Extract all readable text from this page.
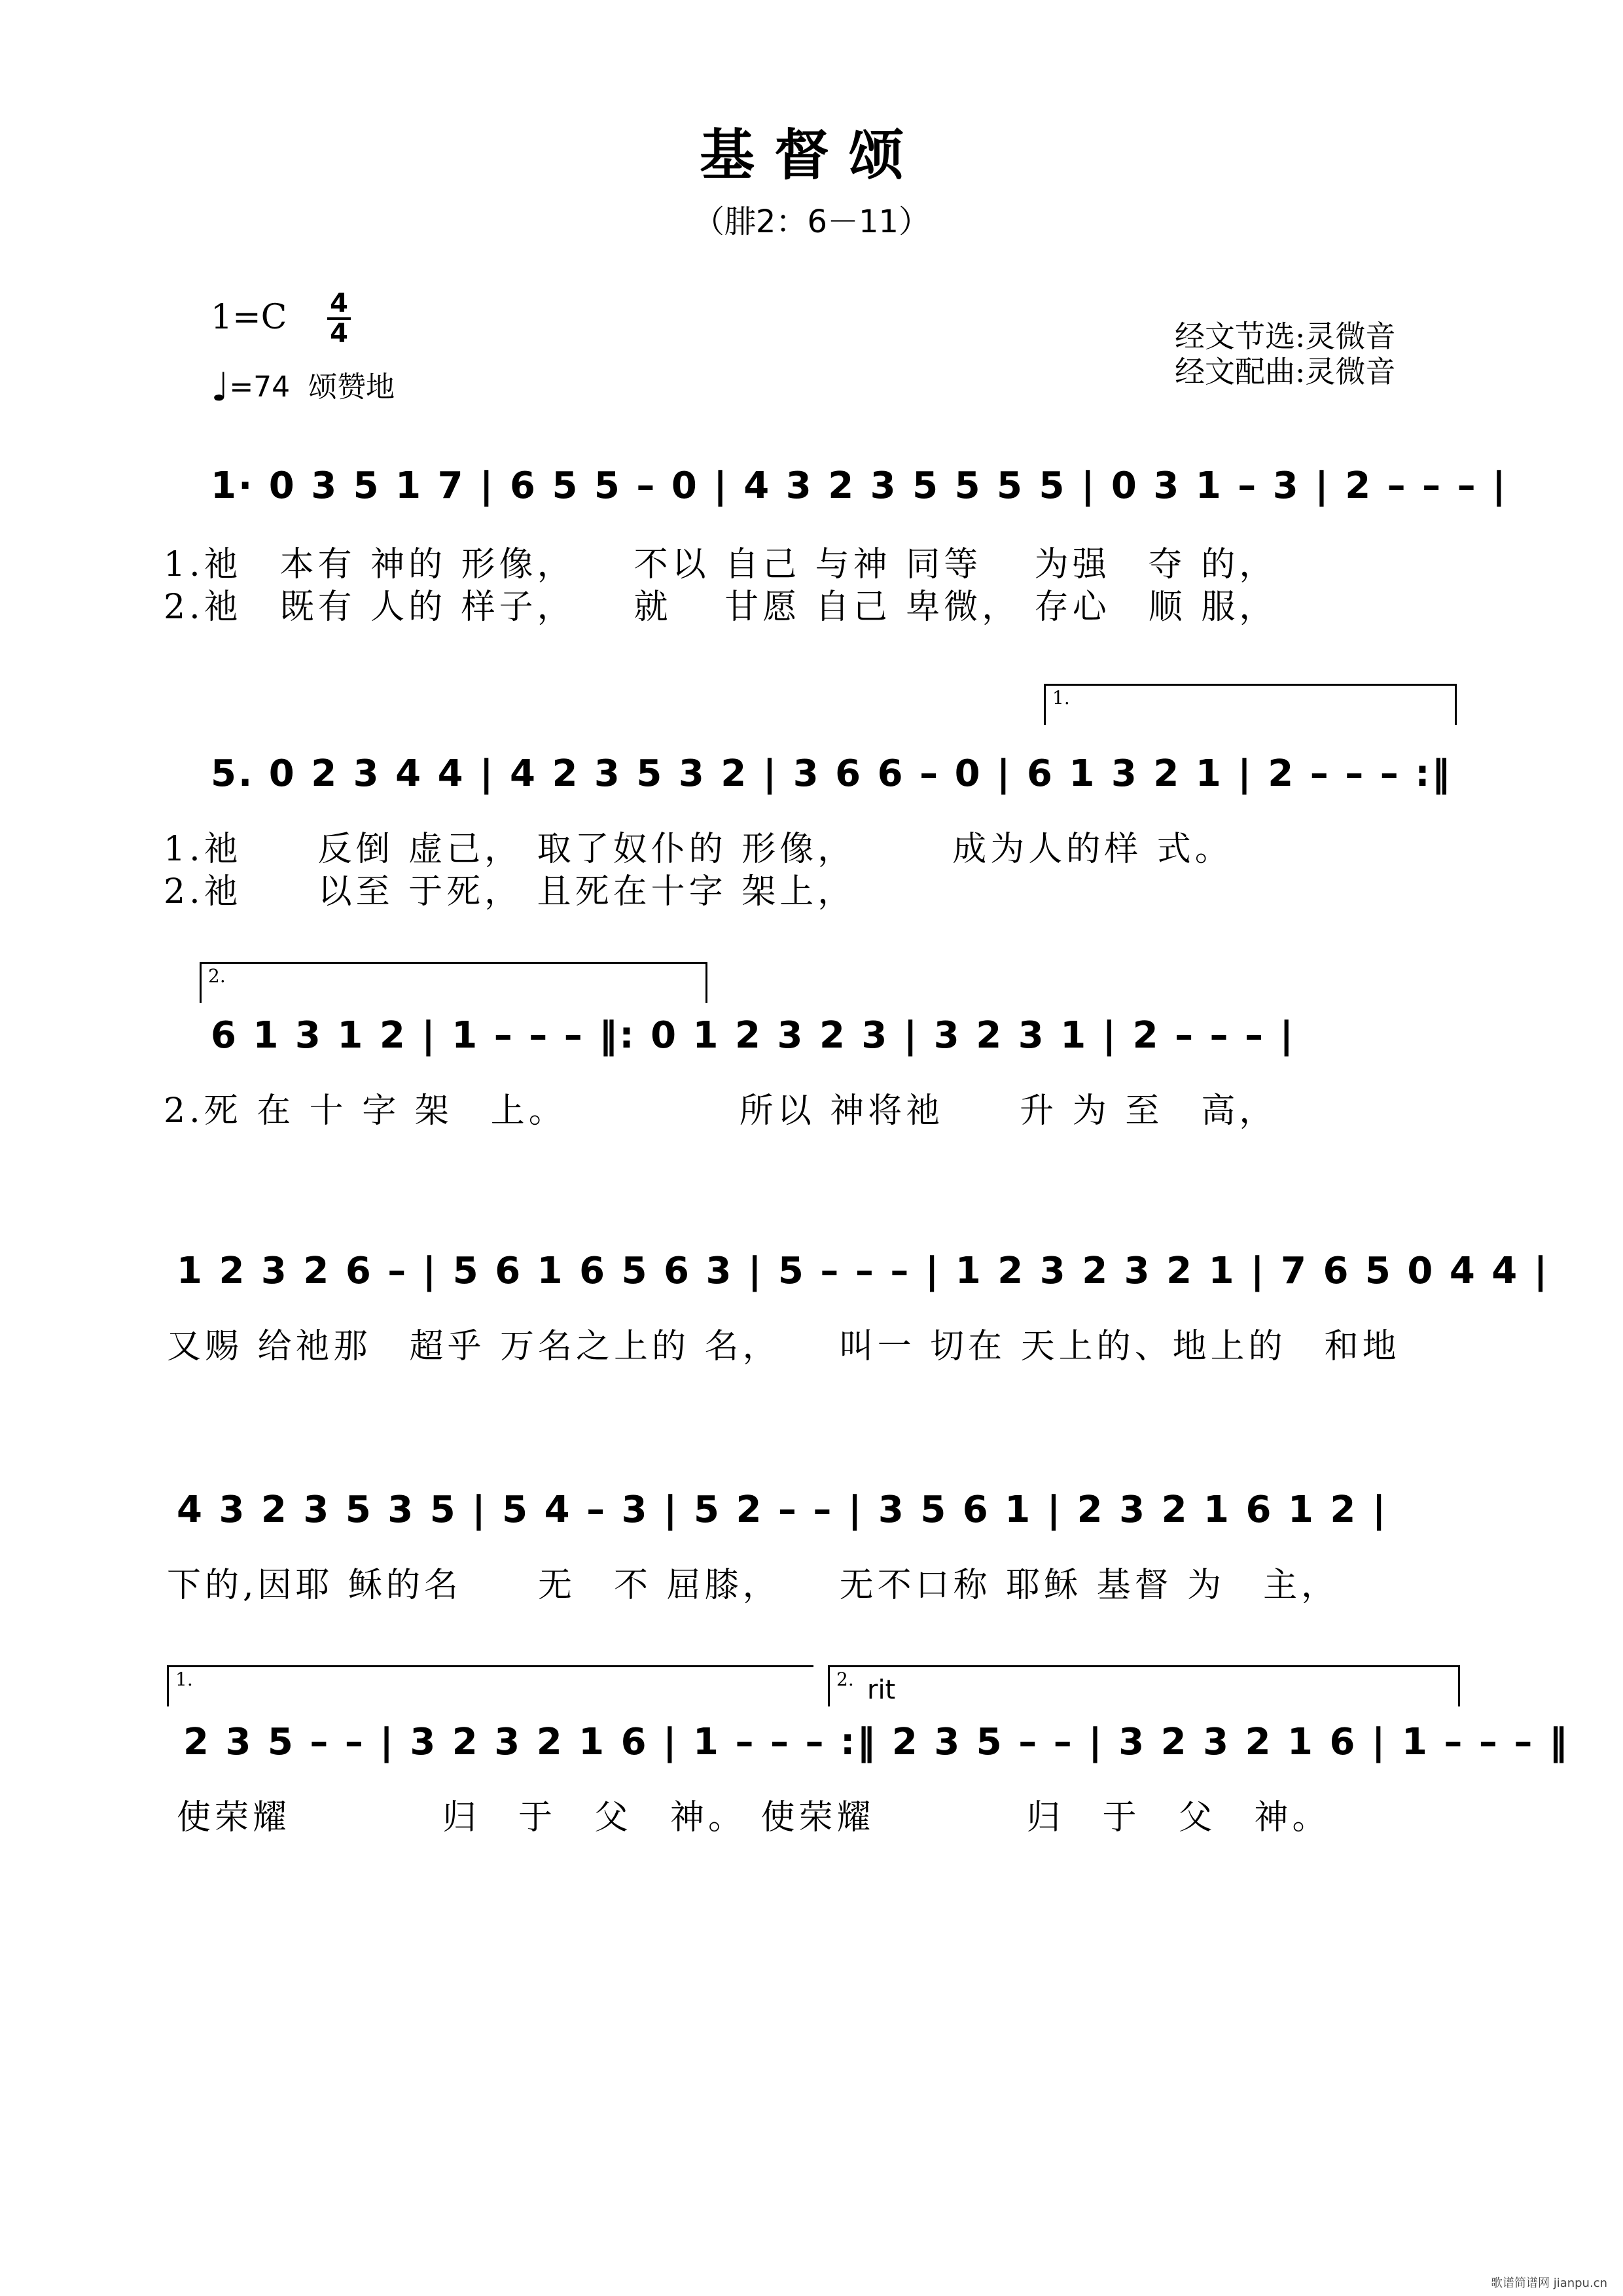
基督颂
（腓2：6－11）
1=C 4
4
♩=74 颂赞地
经文节选:灵微音
经文配曲:灵微音
1· 0 3 5 1 7 | 6 5 5 – 0 | 4 3 2 3 5 5 5 5 | 0 3 1 – 3 | 2 – – – |
1.祂　本有 神的 形像，　　不以 自己 与神 同等　 为强　夺 的，
2.祂　既有 人的 样子，　　就　 甘愿 自己 卑微， 存心　顺 服，
1.
5. 0 2 3 4 4 | 4 2 3 5 3 2 | 3 6 6 – 0 | 6 1 3 2 1 | 2 – – – :‖
1.祂　　反倒 虚己， 取了奴仆的 形像，　　　成为人的样 式。
2.祂　　以至 于死， 且死在十字 架上，
2.
6 1 3 1 2 | 1 – – – ‖: 0 1 2 3 2 3 | 3 2 3 1 | 2 – – – |
2.死 在 十 字 架　上。　　　　　所以 神将祂　　升 为 至　高，
1 2 3 2 6 – | 5 6 1 6 5 6 3 | 5 – – – | 1 2 3 2 3 2 1 | 7 6 5 0 4 4 |
又赐 给祂那　超乎 万名之上的 名，　　叫一 切在 天上的、地上的　和地
4 3 2 3 5 3 5 | 5 4 – 3 | 5 2 – – | 3 5 6 1 | 2 3 2 1 6 1 2 |
下的,因耶 稣的名　　无　不 屈膝，　　无不口称 耶稣 基督 为　主，
1.	2. rit
2 3 5 – – | 3 2 3 2 1 6 | 1 – – – :‖ 2 3 5 – – | 3 2 3 2 1 6 | 1 – – – ‖
使荣耀　　　　归　于　父　神。 使荣耀　　　　归　于　父　神。
歌谱简谱网 jianpu.cn
